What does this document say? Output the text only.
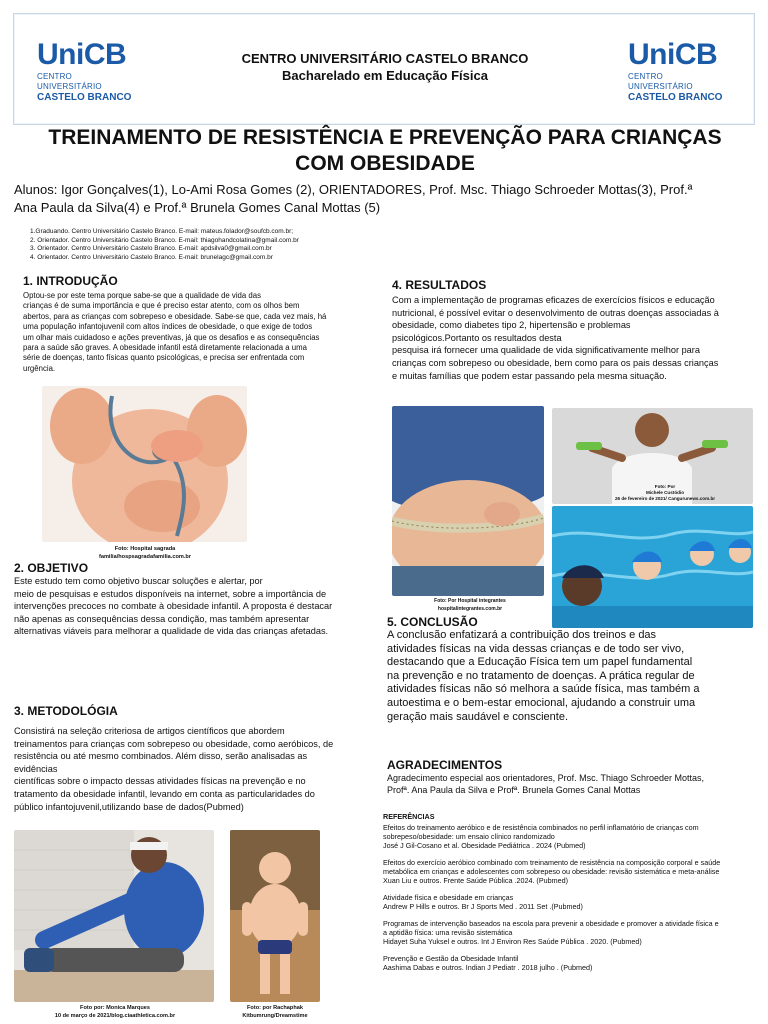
UniCB
CENTRO UNIVERSITÁRIO
CASTELO BRANCO
UniCB
CENTRO UNIVERSITÁRIO
CASTELO BRANCO
CENTRO UNIVERSITÁRIO CASTELO BRANCO
Bacharelado em Educação Física
TREINAMENTO DE RESISTÊNCIA E PREVENÇÃO PARA CRIANÇAS
COM OBESIDADE
Alunos: Igor Gonçalves(1), Lo-Ami Rosa Gomes (2), ORIENTADORES, Prof. Msc. Thiago Schroeder Mottas(3), Prof.ª
Ana Paula da Silva(4) e Prof.ª Brunela Gomes Canal Mottas (5)
1.Graduando. Centro Universitário Castelo Branco. E-mail: mateus.folador@soufcb.com.br;
2. Orientador. Centro Universitário Castelo Branco. E-mail: thiagohandcolatina@gmail.com.br
3. Orientador. Centro Universitário Castelo Branco. E-mail: apdsilva0@gmail.com.br
4. Orientador. Centro Universitário Castelo Branco. E-mail: brunelagc@gmail.com.br
1. INTRODUÇÃO
Optou-se por este tema porque sabe-se que a qualidade de vida das
crianças é de suma importância e que é preciso estar atento, com os olhos bem
abertos, para as crianças com sobrepeso e obesidade. Sabe-se que, cada vez mais, há
uma população infantojuvenil com altos índices de obesidade, o que exige de todos
um olhar mais cuidadoso e ações preventivas, já que os desafios e as consequências
para a saúde são graves. A obesidade infantil está diretamente relacionada a uma
série de doenças, tanto físicas quanto psicológicas, e precisa ser enfrentada com
urgência.
Foto: Hospital sagrada
familia/hospsagradafamilia.com.br
2. OBJETIVO
Este estudo tem como objetivo buscar soluções e alertar, por
meio de pesquisas e estudos disponíveis na internet, sobre a importância de
intervenções precoces no combate à obesidade infantil. A proposta é destacar
não apenas as consequências dessa condição, mas também apresentar
alternativas viáveis para melhorar a qualidade de vida das crianças afetadas.
3. METODOLÓGIA
Consistirá na seleção criteriosa de artigos científicos que abordem
treinamentos para crianças com sobrepeso ou obesidade, como aeróbicos, de
resistência ou até mesmo combinados. Além disso, serão analisadas as
evidências
científicas sobre o impacto dessas atividades físicas na prevenção e no
tratamento da obesidade infantil, levando em conta as particularidades do
público infantojuvenil,utilizando base de dados(Pubmed)
Foto por: Monica Marques
10 de março de 2021/blog.ciaathletica.com.br
Foto: por Rachaphak
Kitbumrung/Dreamstime
4. RESULTADOS
Com a implementação de programas eficazes de exercícios físicos e educação
nutricional, é possível evitar o desenvolvimento de outras doenças associadas à
obesidade, como diabetes tipo 2, hipertensão e problemas
psicológicos.Portanto os resultados desta
pesquisa irá fornecer uma qualidade de vida significativamente melhor para
crianças com sobrepeso ou obesidade, bem como para os pais dessas crianças
e muitas famílias que podem estar passando pela mesma situação.
Foto: Por Hospital integrantes
hospitalintegrantes.com.br
Foto: Por
Michele Custódio
26 de fevereiro de 2021/ Cangurunews.com.br
5. CONCLUSÃO
A conclusão enfatizará a contribuição dos treinos e das
atividades físicas na vida dessas crianças e de todo ser vivo,
destacando que a Educação Física tem um papel fundamental
na prevenção e no tratamento de doenças. A prática regular de
atividades físicas não só melhora a saúde física, mas também a
autoestima e o bem-estar emocional, ajudando a construir uma
geração mais saudável e consciente.
AGRADECIMENTOS
Agradecimento especial aos orientadores, Prof. Msc. Thiago Schroeder Mottas,
Profª. Ana Paula da Silva e Profª. Brunela Gomes Canal Mottas
REFERÊNCIAS
Efeitos do treinamento aeróbico e de resistência combinados no perfil inflamatório de crianças com
sobrepeso/obesidade: um ensaio clínico randomizado
José J Gil-Cosano et al. Obesidade Pediátrica . 2024 (Pubmed)
Efeitos do exercício aeróbico combinado com treinamento de resistência na composição corporal e saúde
metabólica em crianças e adolescentes com sobrepeso ou obesidade: revisão sistemática e meta-análise
Xuan Liu e outros. Frente Saúde Pública .2024. (Pubmed)
Atividade física e obesidade em crianças
Andrew P Hills e outros. Br J Sports Med . 2011 Set .(Pubmed)
Programas de intervenção baseados na escola para prevenir a obesidade e promover a atividade física e
a aptidão física: uma revisão sistemática
Hidayet Suha Yuksel e outros. Int J Environ Res Saúde Pública . 2020. (Pubmed)
Prevenção e Gestão da Obesidade Infantil
Aashima Dabas e outros. Indian J Pediatr . 2018 julho . (Pubmed)
